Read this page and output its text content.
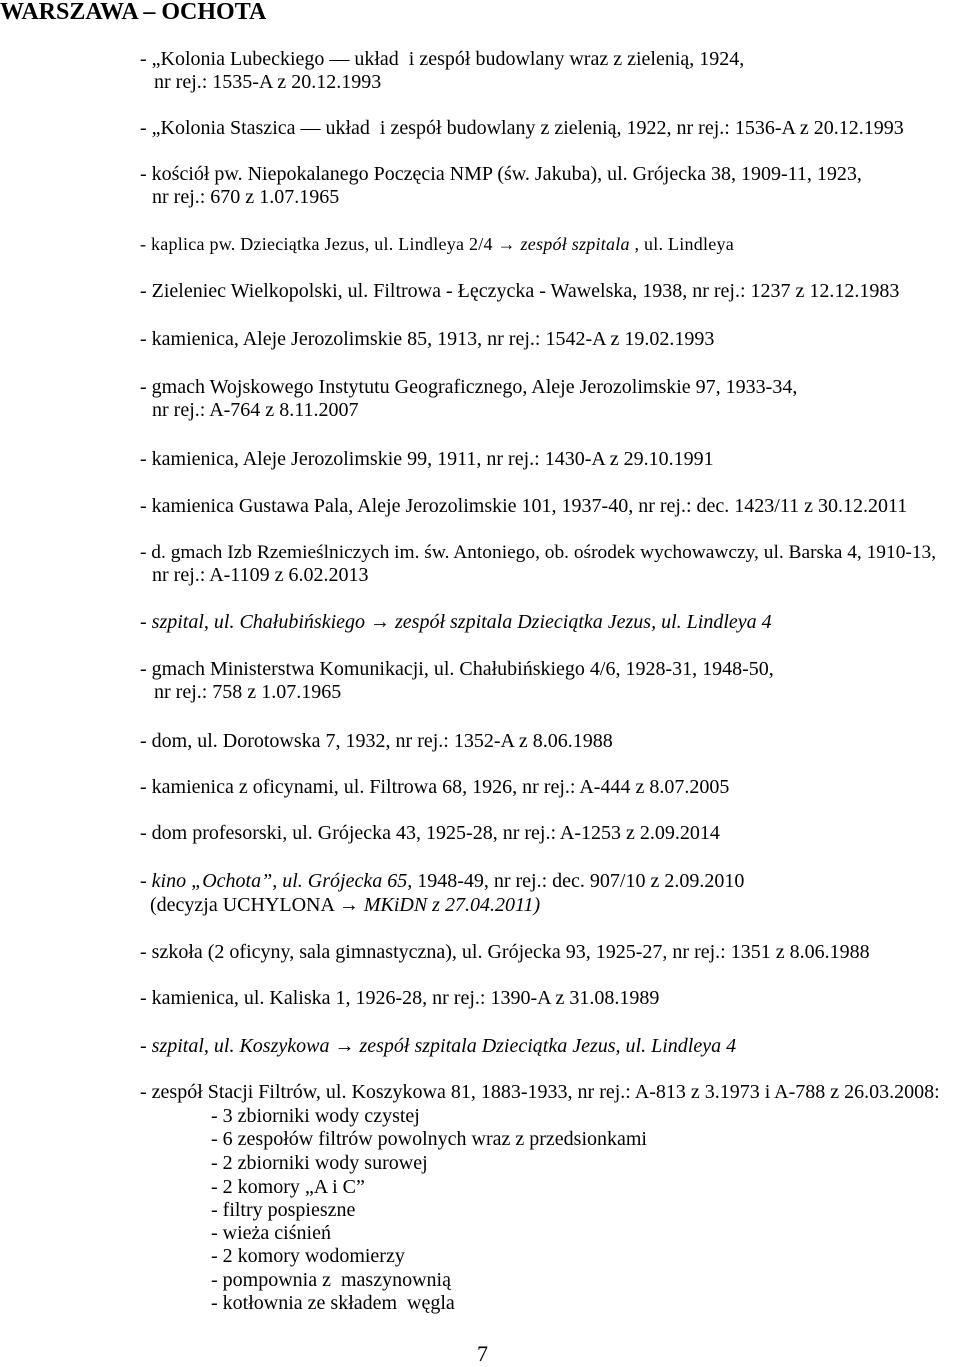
WARSZAWA – OCHOTA
- „Kolonia Lubeckiego — układ  i zespół budowlany wraz z zielenią, 1924,
nr rej.: 1535-A z 20.12.1993
- „Kolonia Staszica — układ  i zespół budowlany z zielenią, 1922, nr rej.: 1536-A z 20.12.1993
- kościół pw. Niepokalanego Poczęcia NMP (św. Jakuba), ul. Grójecka 38, 1909-11, 1923,
nr rej.: 670 z 1.07.1965
- kaplica pw. Dzieciątka Jezus, ul. Lindleya 2/4 → zespół szpitala , ul. Lindleya
- Zieleniec Wielkopolski, ul. Filtrowa - Łęczycka - Wawelska, 1938, nr rej.: 1237 z 12.12.1983
- kamienica, Aleje Jerozolimskie 85, 1913, nr rej.: 1542-A z 19.02.1993
- gmach Wojskowego Instytutu Geograficznego, Aleje Jerozolimskie 97, 1933-34,
nr rej.: A-764 z 8.11.2007
- kamienica, Aleje Jerozolimskie 99, 1911, nr rej.: 1430-A z 29.10.1991
- kamienica Gustawa Pala, Aleje Jerozolimskie 101, 1937-40, nr rej.: dec. 1423/11 z 30.12.2011
- d. gmach Izb Rzemieślniczych im. św. Antoniego, ob. ośrodek wychowawczy, ul. Barska 4, 1910-13,
nr rej.: A-1109 z 6.02.2013
- szpital, ul. Chałubińskiego → zespół szpitala Dzieciątka Jezus, ul. Lindleya 4
- gmach Ministerstwa Komunikacji, ul. Chałubińskiego 4/6, 1928-31, 1948-50,
nr rej.: 758 z 1.07.1965
- dom, ul. Dorotowska 7, 1932, nr rej.: 1352-A z 8.06.1988
- kamienica z oficynami, ul. Filtrowa 68, 1926, nr rej.: A-444 z 8.07.2005
- dom profesorski, ul. Grójecka 43, 1925-28, nr rej.: A-1253 z 2.09.2014
- kino „Ochota”, ul. Grójecka 65, 1948-49, nr rej.: dec. 907/10 z 2.09.2010
(decyzja UCHYLONA → MKiDN z 27.04.2011)
- szkoła (2 oficyny, sala gimnastyczna), ul. Grójecka 93, 1925-27, nr rej.: 1351 z 8.06.1988
- kamienica, ul. Kaliska 1, 1926-28, nr rej.: 1390-A z 31.08.1989
- szpital, ul. Koszykowa → zespół szpitala Dzieciątka Jezus, ul. Lindleya 4
- zespół Stacji Filtrów, ul. Koszykowa 81, 1883-1933, nr rej.: A-813 z 3.1973 i A-788 z 26.03.2008:
- 3 zbiorniki wody czystej
- 6 zespołów filtrów powolnych wraz z przedsionkami
- 2 zbiorniki wody surowej
- 2 komory „A i C”
- filtry pospieszne
- wieża ciśnień
- 2 komory wodomierzy
- pompownia z  maszynownią
- kotłownia ze składem  węgla
7
